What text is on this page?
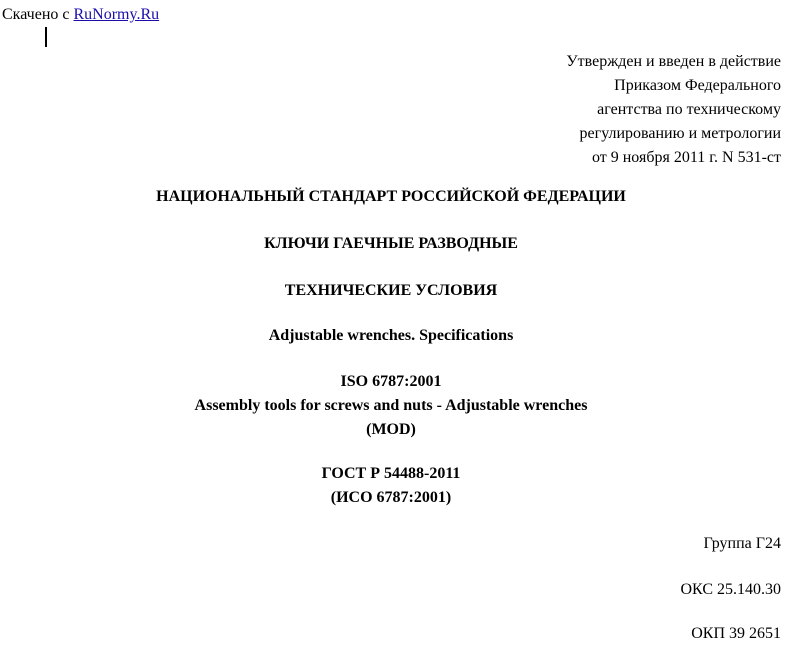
Скачено с RuNormy.Ru
Утвержден и введен в действие
Приказом Федерального
агентства по техническому
регулированию и метрологии
от 9 ноября 2011 г. N 531-ст
НАЦИОНАЛЬНЫЙ СТАНДАРТ РОССИЙСКОЙ ФЕДЕРАЦИИ
КЛЮЧИ ГАЕЧНЫЕ РАЗВОДНЫЕ
ТЕХНИЧЕСКИЕ УСЛОВИЯ
Adjustable wrenches. Specifications
ISO 6787:2001
Assembly tools for screws and nuts - Adjustable wrenches
(MOD)
ГОСТ Р 54488-2011
(ИСО 6787:2001)
Группа Г24
ОКС 25.140.30
ОКП 39 2651
